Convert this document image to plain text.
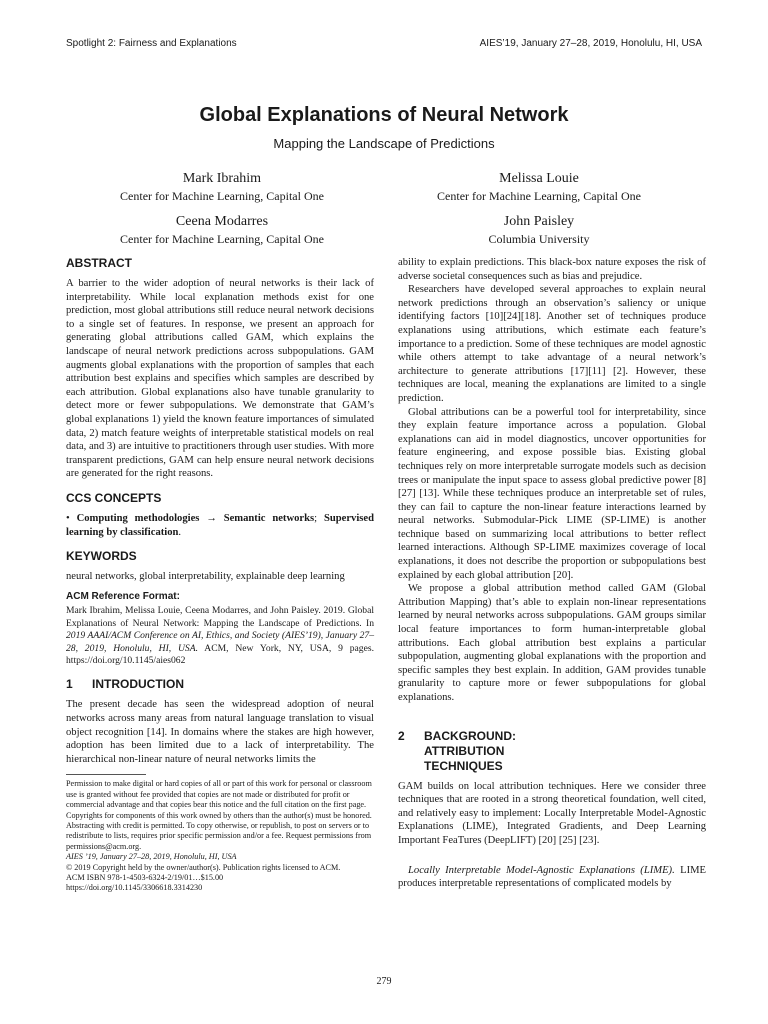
Spotlight 2: Fairness and Explanations	AIES’19, January 27–28, 2019, Honolulu, HI, USA
Global Explanations of Neural Network
Mapping the Landscape of Predictions
Mark Ibrahim
Center for Machine Learning, Capital One
Melissa Louie
Center for Machine Learning, Capital One
Ceena Modarres
Center for Machine Learning, Capital One
John Paisley
Columbia University
ABSTRACT

A barrier to the wider adoption of neural networks is their lack of interpretability. While local explanation methods exist for one prediction, most global attributions still reduce neural network decisions to a single set of features. In response, we present an approach for generating global attributions called GAM, which explains the landscape of neural network predictions across subpopulations. GAM augments global explanations with the proportion of samples that each attribution best explains and specifies which samples are described by each attribution. Global explanations also have tunable granularity to detect more or fewer subpopulations. We demonstrate that GAM’s global explanations 1) yield the known feature importances of simulated data, 2) match feature weights of interpretable statistical models on real data, and 3) are intuitive to practitioners through user studies. With more transparent predictions, GAM can help ensure neural network decisions are generated for the right reasons.

CCS CONCEPTS

• Computing methodologies → Semantic networks; Supervised learning by classification.

KEYWORDS

neural networks, global interpretability, explainable deep learning

ACM Reference Format:

Mark Ibrahim, Melissa Louie, Ceena Modarres, and John Paisley. 2019. Global Explanations of Neural Network: Mapping the Landscape of Predictions. In 2019 AAAI/ACM Conference on AI, Ethics, and Society (AIES’19), January 27–28, 2019, Honolulu, HI, USA. ACM, New York, NY, USA, 9 pages. https://doi.org/10.1145/aies062

1 INTRODUCTION

The present decade has seen the widespread adoption of neural networks across many areas from natural language translation to visual object recognition [14]. In domains where the stakes are high however, adoption has been limited due to a lack of interpretability. The hierarchical non-linear nature of neural networks limits the

Permission to make digital or hard copies of all or part of this work for personal or classroom use is granted without fee provided that copies are not made or distributed for profit or commercial advantage and that copies bear this notice and the full citation on the first page. Copyrights for components of this work owned by others than the author(s) must be honored. Abstracting with credit is permitted. To copy otherwise, or republish, to post on servers or to redistribute to lists, requires prior specific permission and/or a fee. Request permissions from permissions@acm.org.
AIES ’19, January 27–28, 2019, Honolulu, HI, USA
© 2019 Copyright held by the owner/author(s). Publication rights licensed to ACM.
ACM ISBN 978-1-4503-6324-2/19/01…$15.00
https://doi.org/10.1145/3306618.3314230

ability to explain predictions. This black-box nature exposes the risk of adverse societal consequences such as bias and prejudice.

Researchers have developed several approaches to explain neural network predictions through an observation’s saliency or unique identifying factors [10][24][18]. Another set of techniques produce explanations using attributions, which estimate each feature’s importance to a prediction. Some of these techniques are model agnostic while others attempt to take advantage of a neural network’s architecture to generate attributions [17][11] [2]. However, these techniques are local, meaning the explanations are limited to a single prediction.

Global attributions can be a powerful tool for interpretability, since they explain feature importance across a population. Global explanations can aid in model diagnostics, uncover opportunities for feature engineering, and expose possible bias. Existing global techniques rely on more interpretable surrogate models such as decision trees or manipulate the input space to assess global predictive power [8] [27] [13]. While these techniques produce an interpretable set of rules, they can fail to capture the non-linear feature interactions learned by neural networks. Submodular-Pick LIME (SP-LIME) is another technique based on summarizing local attributions to better reflect learned interactions. Although SP-LIME maximizes coverage of local explanations, it does not describe the proportion or subpopulations best explained by each global attribution [20].

We propose a global attribution method called GAM (Global Attribution Mapping) that’s able to explain non-linear representations learned by neural networks across subpopulations. GAM groups similar local feature importances to form human-interpretable global attributions. Each global attribution best explains a particular subpopulation, augmenting global explanations with the proportion and specific samples they best explain. In addition, GAM provides tunable granularity to capture more or fewer subpopulations for global explanations.

2	BACKGROUND: ATTRIBUTION TECHNIQUES

GAM builds on local attribution techniques. Here we consider three techniques that are rooted in a strong theoretical foundation, well cited, and relatively easy to implement: Locally Interpretable Model-Agnostic Explanations (LIME), Integrated Gradients, and Deep Learning Important FeaTures (DeepLIFT) [20] [25] [23].

Locally Interpretable Model-Agnostic Explanations (LIME). LIME produces interpretable representations of complicated models by

279
